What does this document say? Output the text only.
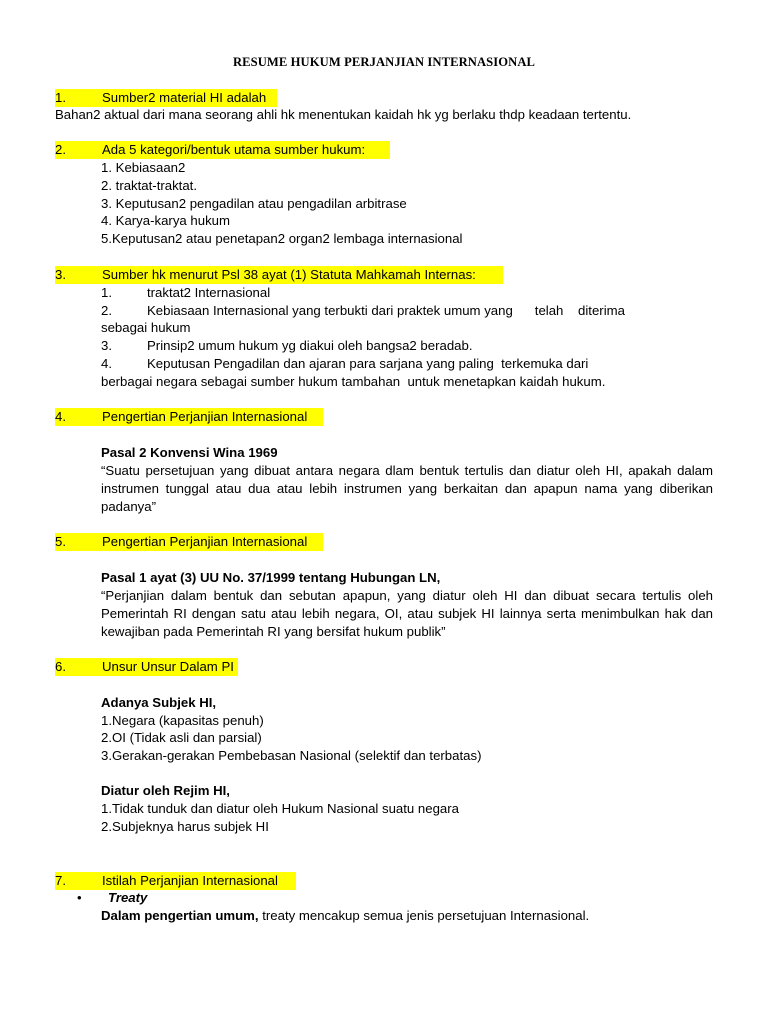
RESUME HUKUM PERJANJIAN INTERNASIONAL
1.	Sumber2 material HI adalah
Bahan2 aktual dari mana seorang ahli hk menentukan kaidah hk yg berlaku thdp keadaan tertentu.
2.	Ada 5 kategori/bentuk utama sumber hukum:
1. Kebiasaan2
2. traktat-traktat.
3. Keputusan2 pengadilan atau pengadilan arbitrase
4. Karya-karya hukum
5.Keputusan2 atau penetapan2 organ2 lembaga internasional
3.	Sumber hk menurut Psl 38 ayat (1) Statuta Mahkamah Internas:
1.	traktat2 Internasional
2.	Kebiasaan Internasional yang terbukti dari praktek umum yang      telah    diterima
sebagai hukum
3.	Prinsip2 umum hukum yg diakui oleh bangsa2 beradab.
4.	Keputusan Pengadilan dan ajaran para sarjana yang paling  terkemuka dari
berbagai negara sebagai sumber hukum tambahan  untuk menetapkan kaidah hukum.
4.	Pengertian Perjanjian Internasional
Pasal 2 Konvensi Wina 1969
“Suatu persetujuan yang dibuat antara negara dlam bentuk tertulis dan diatur oleh HI, apakah dalam instrumen tunggal atau dua atau lebih instrumen yang berkaitan dan apapun nama yang diberikan padanya”
5.	Pengertian Perjanjian Internasional
Pasal 1 ayat (3) UU No. 37/1999 tentang Hubungan LN,
“Perjanjian dalam bentuk dan sebutan apapun, yang diatur oleh HI dan dibuat secara tertulis oleh Pemerintah RI dengan satu atau lebih negara, OI, atau subjek HI lainnya serta menimbulkan hak dan kewajiban pada Pemerintah RI yang bersifat hukum publik”
6.	Unsur Unsur Dalam PI
Adanya Subjek HI,
1.Negara (kapasitas penuh)
2.OI (Tidak asli dan parsial)
3.Gerakan-gerakan Pembebasan Nasional (selektif dan terbatas)
Diatur oleh Rejim HI,
1.Tidak tunduk dan diatur oleh Hukum Nasional suatu negara
2.Subjeknya harus subjek HI
7.	Istilah Perjanjian Internasional
• Treaty
Dalam pengertian umum, treaty mencakup semua jenis persetujuan Internasional.
